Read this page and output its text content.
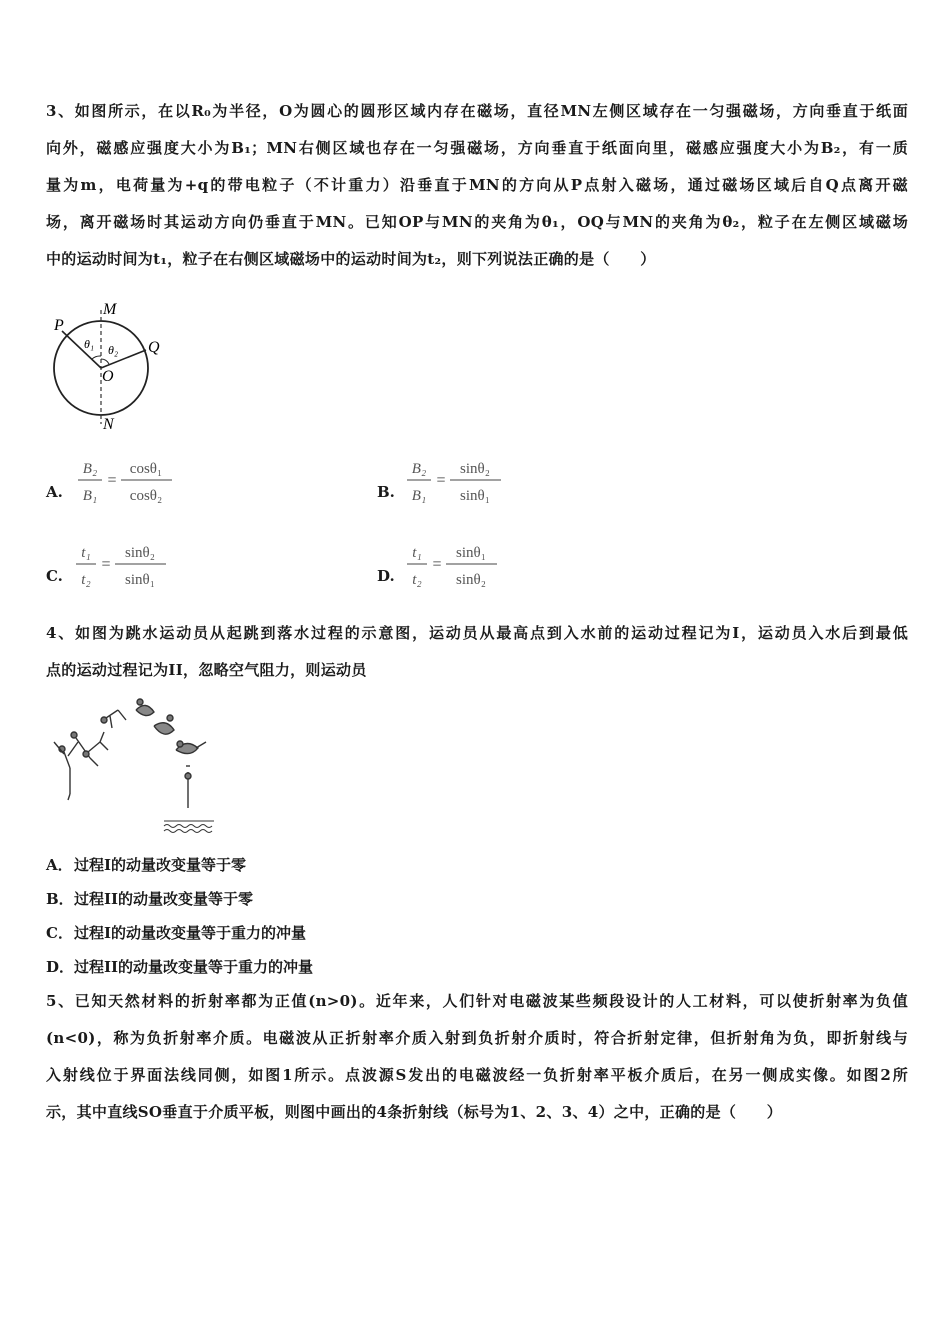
3、如图所示，在以R₀为半径，O为圆心的圆形区域内存在磁场，直径MN左侧区域存在一匀强磁场，方向垂直于纸面
向外，磁感应强度大小为B₁；MN右侧区域也存在一匀强磁场，方向垂直于纸面向里，磁感应强度大小为B₂，有一质
量为m，电荷量为+q的带电粒子（不计重力）沿垂直于MN的方向从P点射入磁场，通过磁场区域后自Q点离开磁
场，离开磁场时其运动方向仍垂直于MN。已知OP与MN的夹角为θ₁，OQ与MN的夹角为θ₂，粒子在左侧区域磁场
中的运动时间为t₁，粒子在右侧区域磁场中的运动时间为t₂，则下列说法正确的是（　　）
M
N
P
Q
O
θ₁ θ₂
A.
B₂
B₁
=
cosθ₁
cosθ₂	B.
B₂
B₁
=
sinθ₂
sinθ₁
C.
t₁
t₂
=
sinθ₂
sinθ₁	D.
t₁
t₂
=
sinθ₁
sinθ₂
4、如图为跳水运动员从起跳到落水过程的示意图，运动员从最高点到入水前的运动过程记为I，运动员入水后到最低
点的运动过程记为II，忽略空气阻力，则运动员
A．过程I的动量改变量等于零
B．过程II的动量改变量等于零
C．过程I的动量改变量等于重力的冲量
D．过程II的动量改变量等于重力的冲量
5、已知天然材料的折射率都为正值(n>0)。近年来，人们针对电磁波某些频段设计的人工材料，可以使折射率为负值
(n<0)，称为负折射率介质。电磁波从正折射率介质入射到负折射介质时，符合折射定律，但折射角为负，即折射线与
入射线位于界面法线同侧，如图1所示。点波源S发出的电磁波经一负折射率平板介质后，在另一侧成实像。如图2所
示，其中直线SO垂直于介质平板，则图中画出的4条折射线（标号为1、2、3、4）之中，正确的是（　　）
